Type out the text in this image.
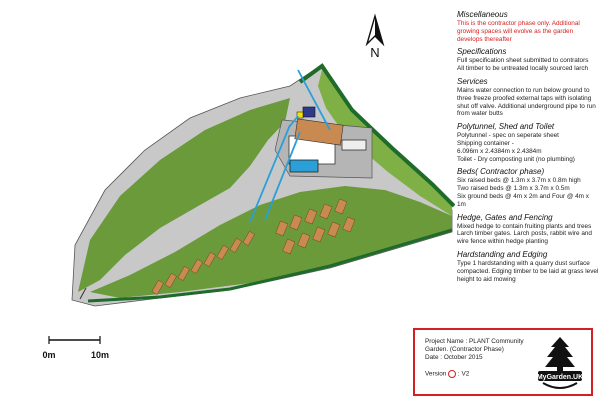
N
0m	10m
Miscellaneous
This is the contractor phase only. Additional growing spaces will evolve as the garden develops thereafter
Specifications
Full specification sheet submitted to contrators
All timber to be untreated locally sourced larch
Services
Mains water connection to run below ground to three freeze proofed external taps with isolating shut off valve. Additional underground pipe to run from water butts
Polytunnel, Shed and Toilet
Polytunnel - spec on seperate sheet
Shipping container -
6.096m x 2.4384m x 2.4384m
Toilet - Dry composting unit (no plumbing)
Beds( Contractor phase)
Six raised beds @ 1.3m x 3.7m x 0.8m high
Two raised beds @ 1.3m x 3.7m x 0.5m
Six ground beds @ 4m x 2m and Four @ 4m x 1m
Hedge, Gates and Fencing
Mixed hedge to contain fruiting plants and trees
Larch timber gates. Larch posts, rabbit wire and wire fence within hedge planting
Hardstanding and Edging
Type 1 hardstanding with a quarry dust surface compacted. Edging timber to be laid at grass level height to aid mowing
Project Name : PLANT Community Garden. (Contractor Phase)
Date : October 2015
Version : V2	MyGarden.UK
